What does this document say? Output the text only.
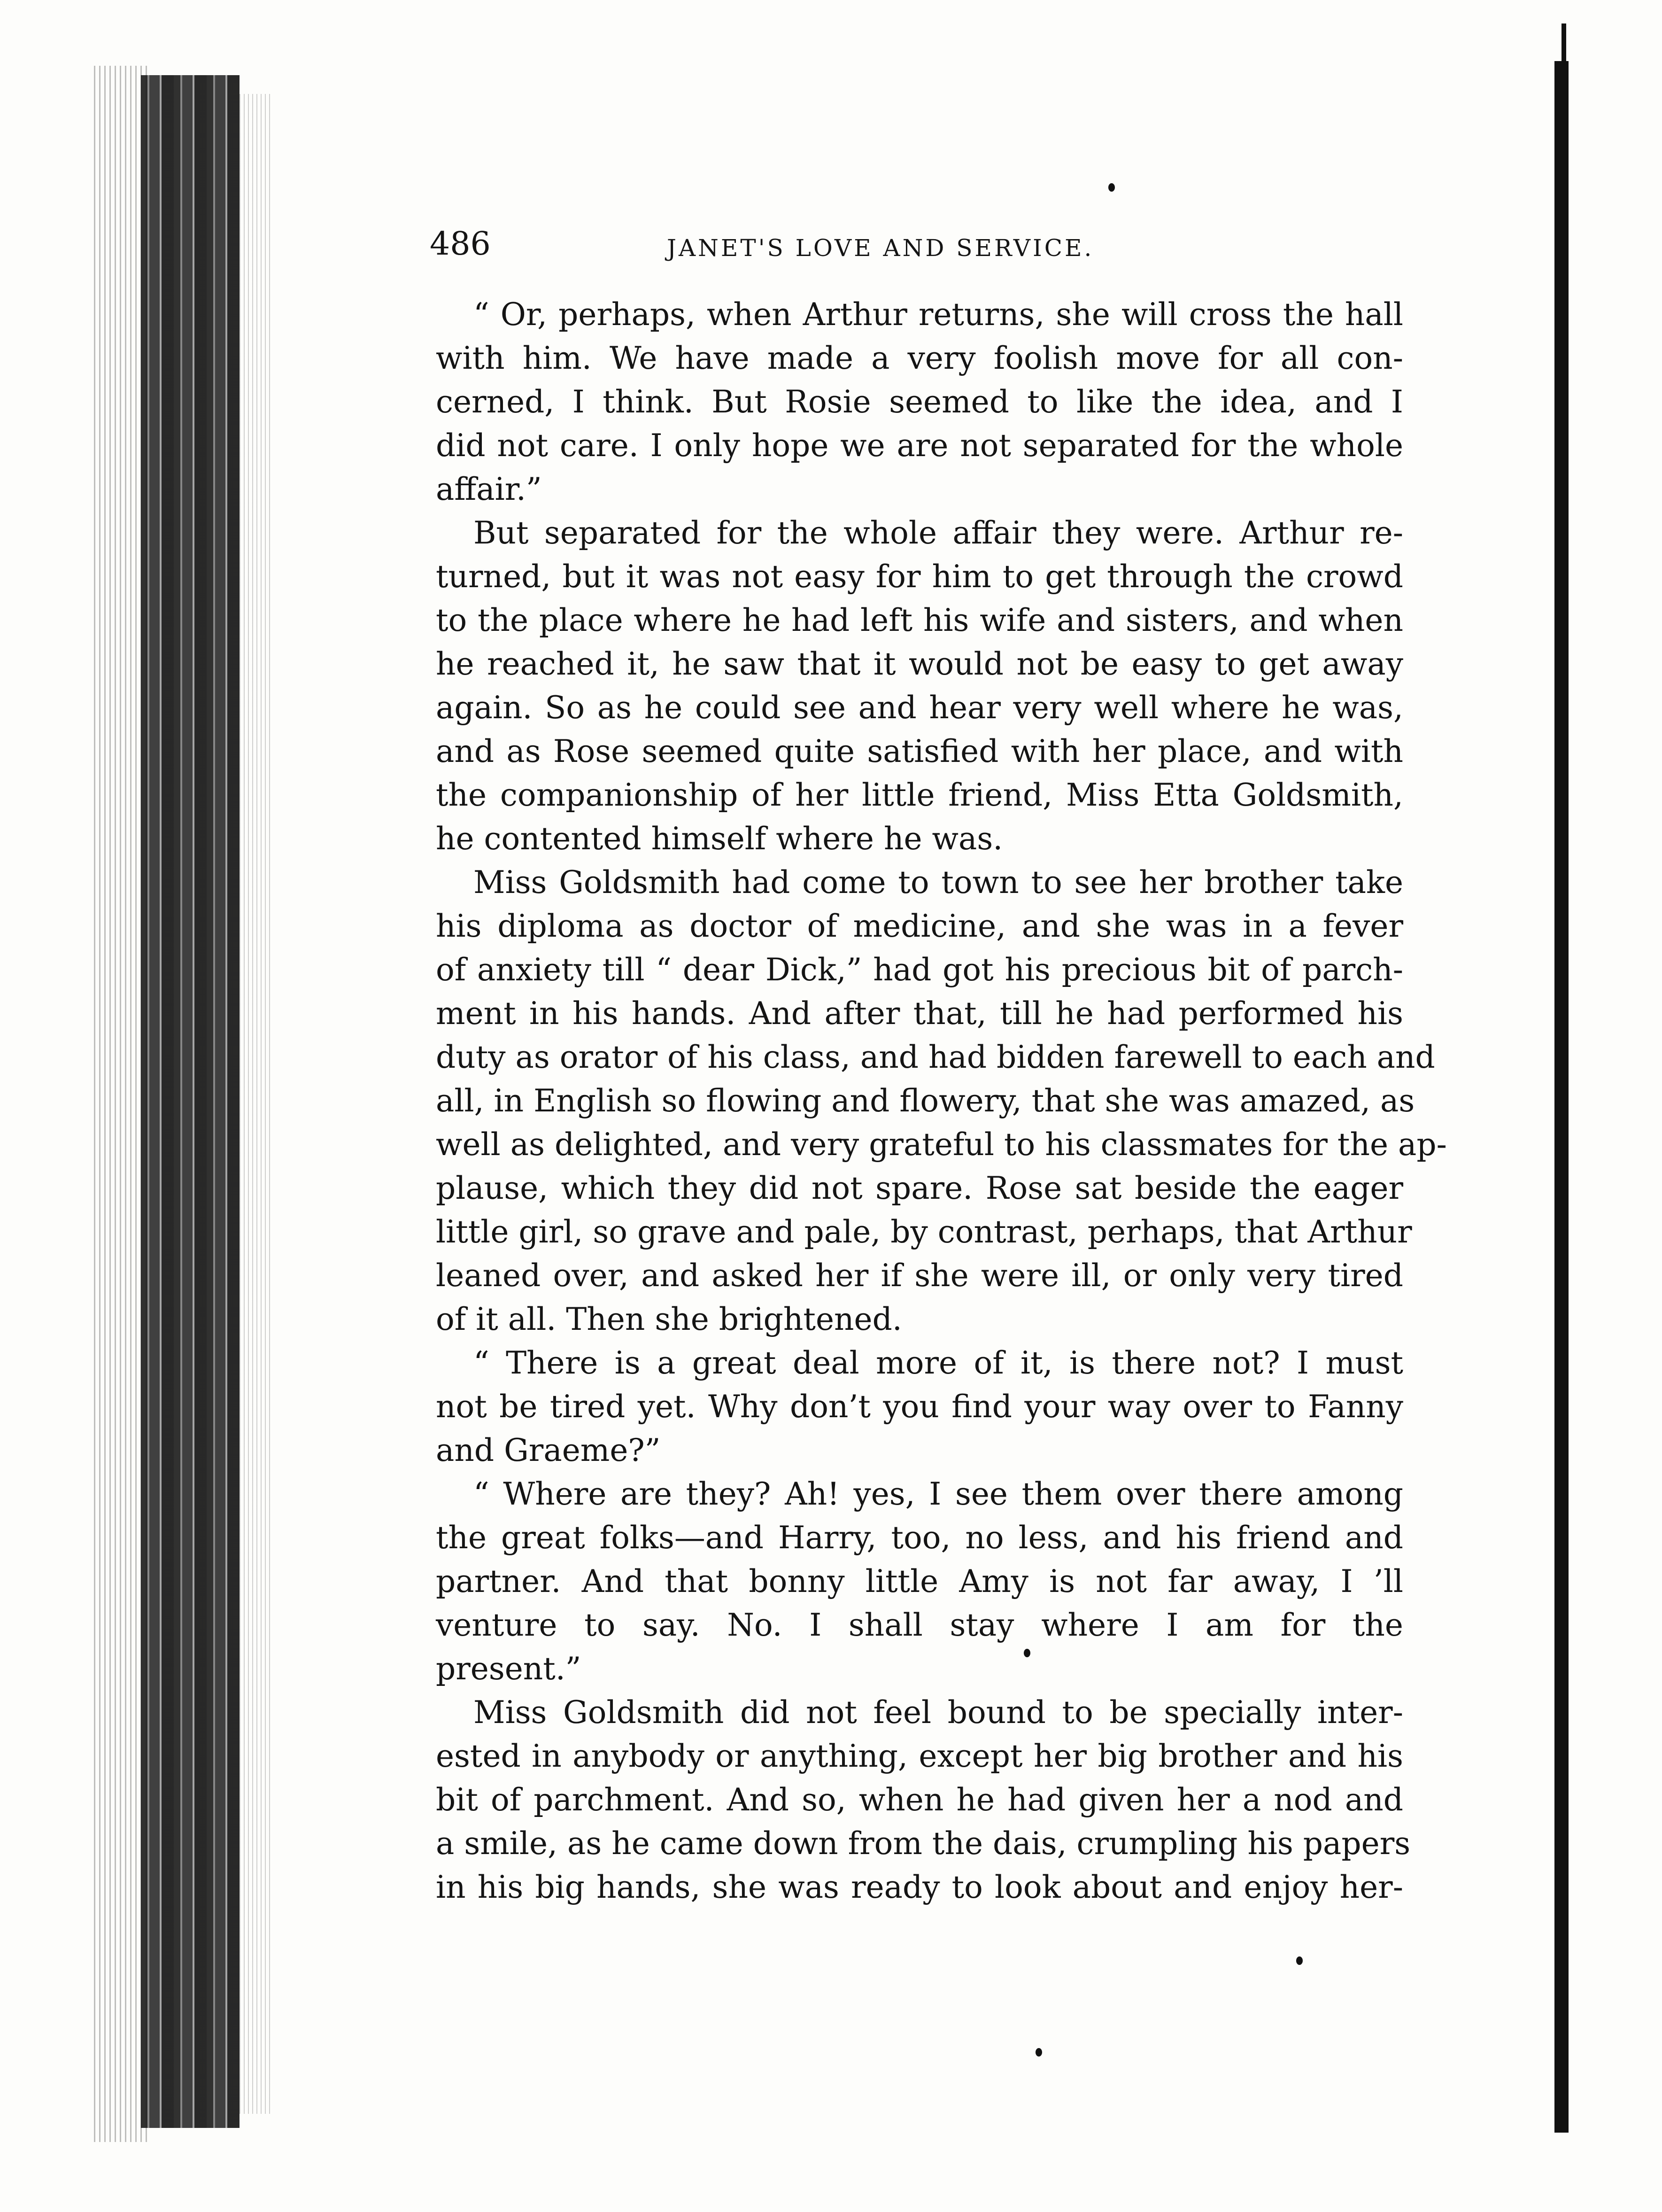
486	JANET'S LOVE AND SERVICE.
“ Or, perhaps, when Arthur returns, she will cross the hall
with him. We have made a very foolish move for all con-
cerned, I think. But Rosie seemed to like the idea, and I
did not care. I only hope we are not separated for the whole
affair.”
But separated for the whole affair they were. Arthur re-
turned, but it was not easy for him to get through the crowd
to the place where he had left his wife and sisters, and when
he reached it, he saw that it would not be easy to get away
again. So as he could see and hear very well where he was,
and as Rose seemed quite satisfied with her place, and with
the companionship of her little friend, Miss Etta Goldsmith,
he contented himself where he was.
Miss Goldsmith had come to town to see her brother take
his diploma as doctor of medicine, and she was in a fever
of anxiety till “ dear Dick,” had got his precious bit of parch-
ment in his hands. And after that, till he had performed his
duty as orator of his class, and had bidden farewell to each and
all, in English so flowing and flowery, that she was amazed, as
well as delighted, and very grateful to his classmates for the ap-
plause, which they did not spare. Rose sat beside the eager
little girl, so grave and pale, by contrast, perhaps, that Arthur
leaned over, and asked her if she were ill, or only very tired
of it all. Then she brightened.
“ There is a great deal more of it, is there not? I must
not be tired yet. Why don’t you find your way over to Fanny
and Graeme?”
“ Where are they? Ah! yes, I see them over there among
the great folks—and Harry, too, no less, and his friend and
partner. And that bonny little Amy is not far away, I ’ll
venture to say. No. I shall stay where I am for the
present.”
Miss Goldsmith did not feel bound to be specially inter-
ested in anybody or anything, except her big brother and his
bit of parchment. And so, when he had given her a nod and
a smile, as he came down from the dais, crumpling his papers
in his big hands, she was ready to look about and enjoy her-
